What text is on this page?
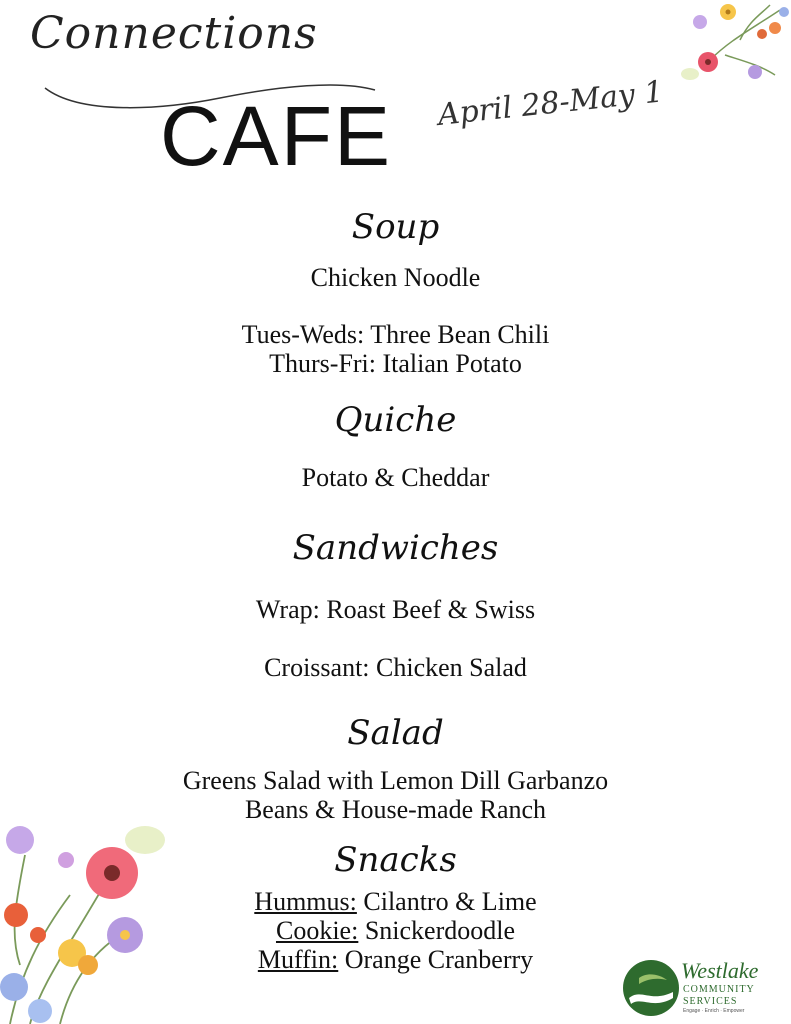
Connections
CAFE April 28-May 1
Soup
Chicken Noodle
Tues-Weds: Three Bean Chili
Thurs-Fri: Italian Potato
Quiche
Potato & Cheddar
Sandwiches
Wrap: Roast Beef & Swiss
Croissant: Chicken Salad
Salad
Greens Salad with Lemon Dill Garbanzo
Beans & House-made Ranch
Snacks
Hummus: Cilantro & Lime
Cookie: Snickerdoodle
Muffin: Orange Cranberry	Westlake
COMMUNITY
SERVICES
Engage · Enrich · Empower
